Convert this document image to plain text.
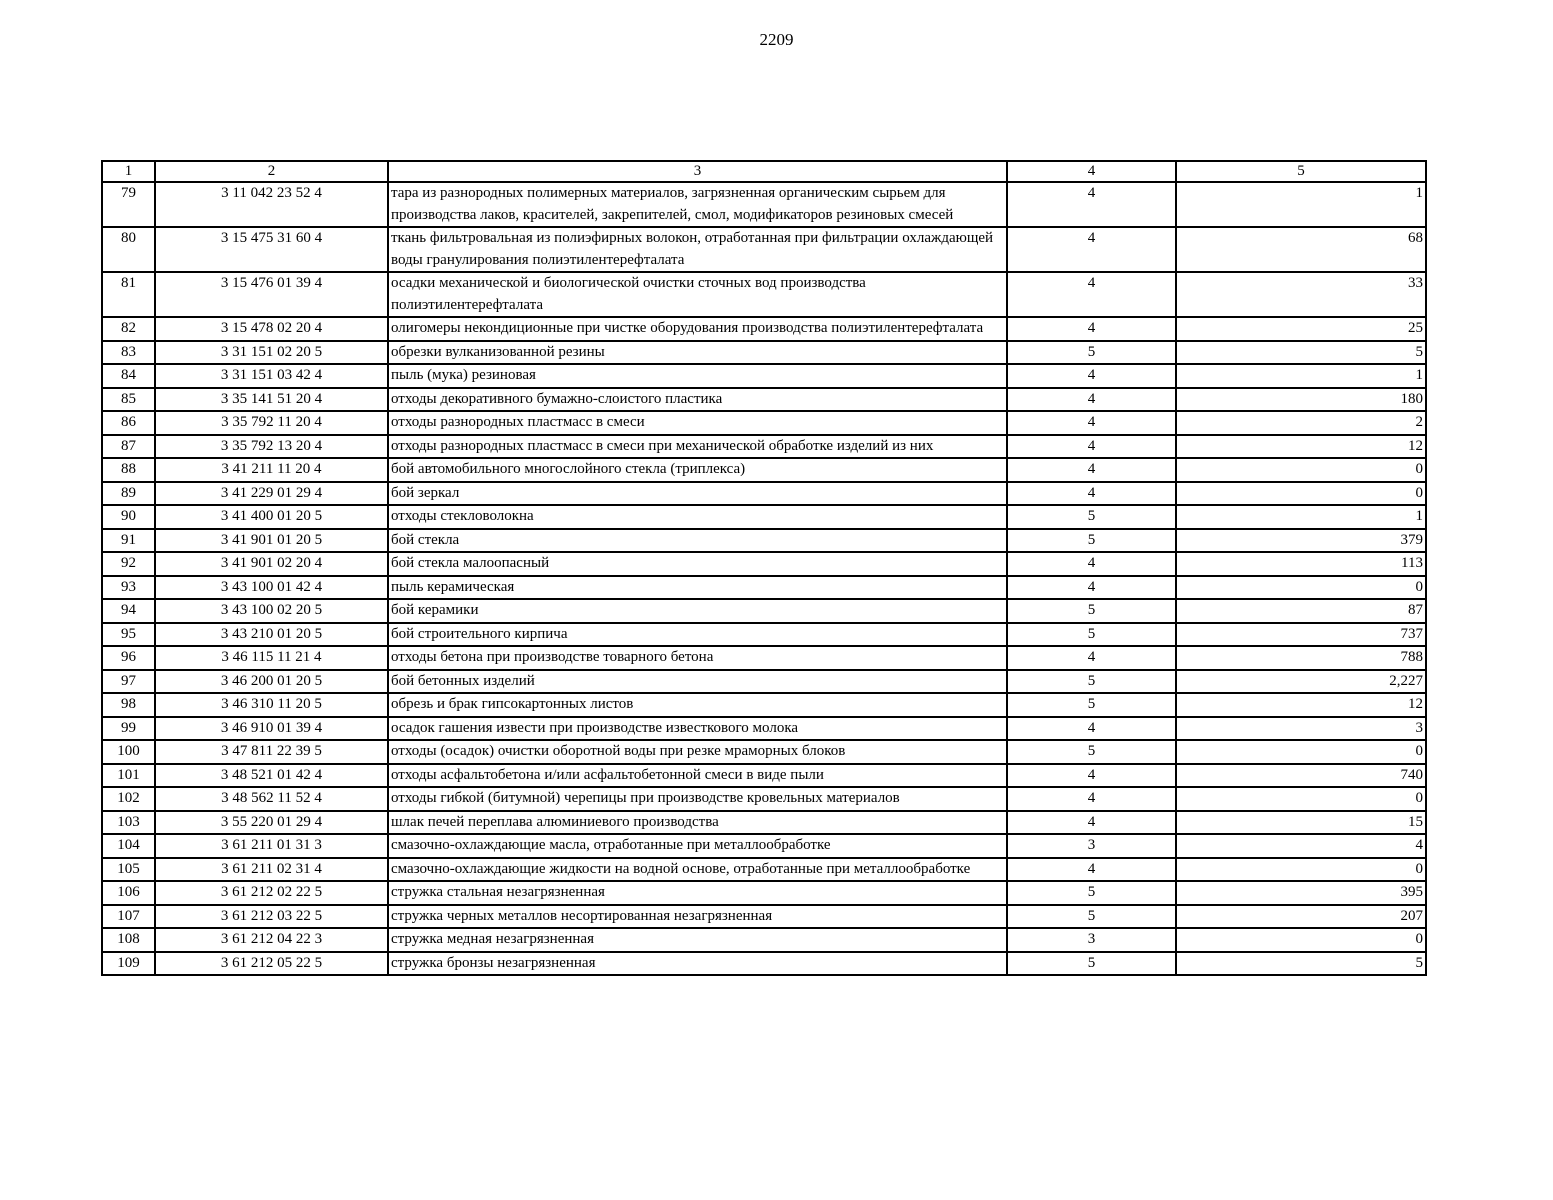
2209
1	2	3	4	5
79	3 11 042 23 52 4	тара из разнородных полимерных материалов, загрязненная органическим сырьем для производства лаков, красителей, закрепителей, смол, модификаторов резиновых смесей	4	1
80	3 15 475 31 60 4	ткань фильтровальная из полиэфирных волокон, отработанная при фильтрации охлаждающей воды гранулирования полиэтилентерефталата	4	68
81	3 15 476 01 39 4	осадки механической и биологической очистки сточных вод производства полиэтилентерефталата	4	33
82	3 15 478 02 20 4	олигомеры некондиционные при чистке оборудования производства полиэтилентерефталата	4	25
83	3 31 151 02 20 5	обрезки вулканизованной резины	5	5
84	3 31 151 03 42 4	пыль (мука) резиновая	4	1
85	3 35 141 51 20 4	отходы декоративного бумажно-слоистого пластика	4	180
86	3 35 792 11 20 4	отходы разнородных пластмасс в смеси	4	2
87	3 35 792 13 20 4	отходы разнородных пластмасс в смеси при механической обработке изделий из них	4	12
88	3 41 211 11 20 4	бой автомобильного многослойного стекла (триплекса)	4	0
89	3 41 229 01 29 4	бой зеркал	4	0
90	3 41 400 01 20 5	отходы стекловолокна	5	1
91	3 41 901 01 20 5	бой стекла	5	379
92	3 41 901 02 20 4	бой стекла малоопасный	4	113
93	3 43 100 01 42 4	пыль керамическая	4	0
94	3 43 100 02 20 5	бой керамики	5	87
95	3 43 210 01 20 5	бой строительного кирпича	5	737
96	3 46 115 11 21 4	отходы бетона при производстве товарного бетона	4	788
97	3 46 200 01 20 5	бой бетонных изделий	5	2,227
98	3 46 310 11 20 5	обрезь и брак гипсокартонных листов	5	12
99	3 46 910 01 39 4	осадок гашения извести при производстве известкового молока	4	3
100	3 47 811 22 39 5	отходы (осадок) очистки оборотной воды при резке мраморных блоков	5	0
101	3 48 521 01 42 4	отходы асфальтобетона и/или асфальтобетонной смеси в виде пыли	4	740
102	3 48 562 11 52 4	отходы гибкой (битумной) черепицы при производстве кровельных материалов	4	0
103	3 55 220 01 29 4	шлак печей переплава алюминиевого производства	4	15
104	3 61 211 01 31 3	смазочно-охлаждающие масла, отработанные при металлообработке	3	4
105	3 61 211 02 31 4	смазочно-охлаждающие жидкости на водной основе, отработанные при металлообработке	4	0
106	3 61 212 02 22 5	стружка стальная незагрязненная	5	395
107	3 61 212 03 22 5	стружка черных металлов несортированная незагрязненная	5	207
108	3 61 212 04 22 3	стружка медная незагрязненная	3	0
109	3 61 212 05 22 5	стружка бронзы незагрязненная	5	5
